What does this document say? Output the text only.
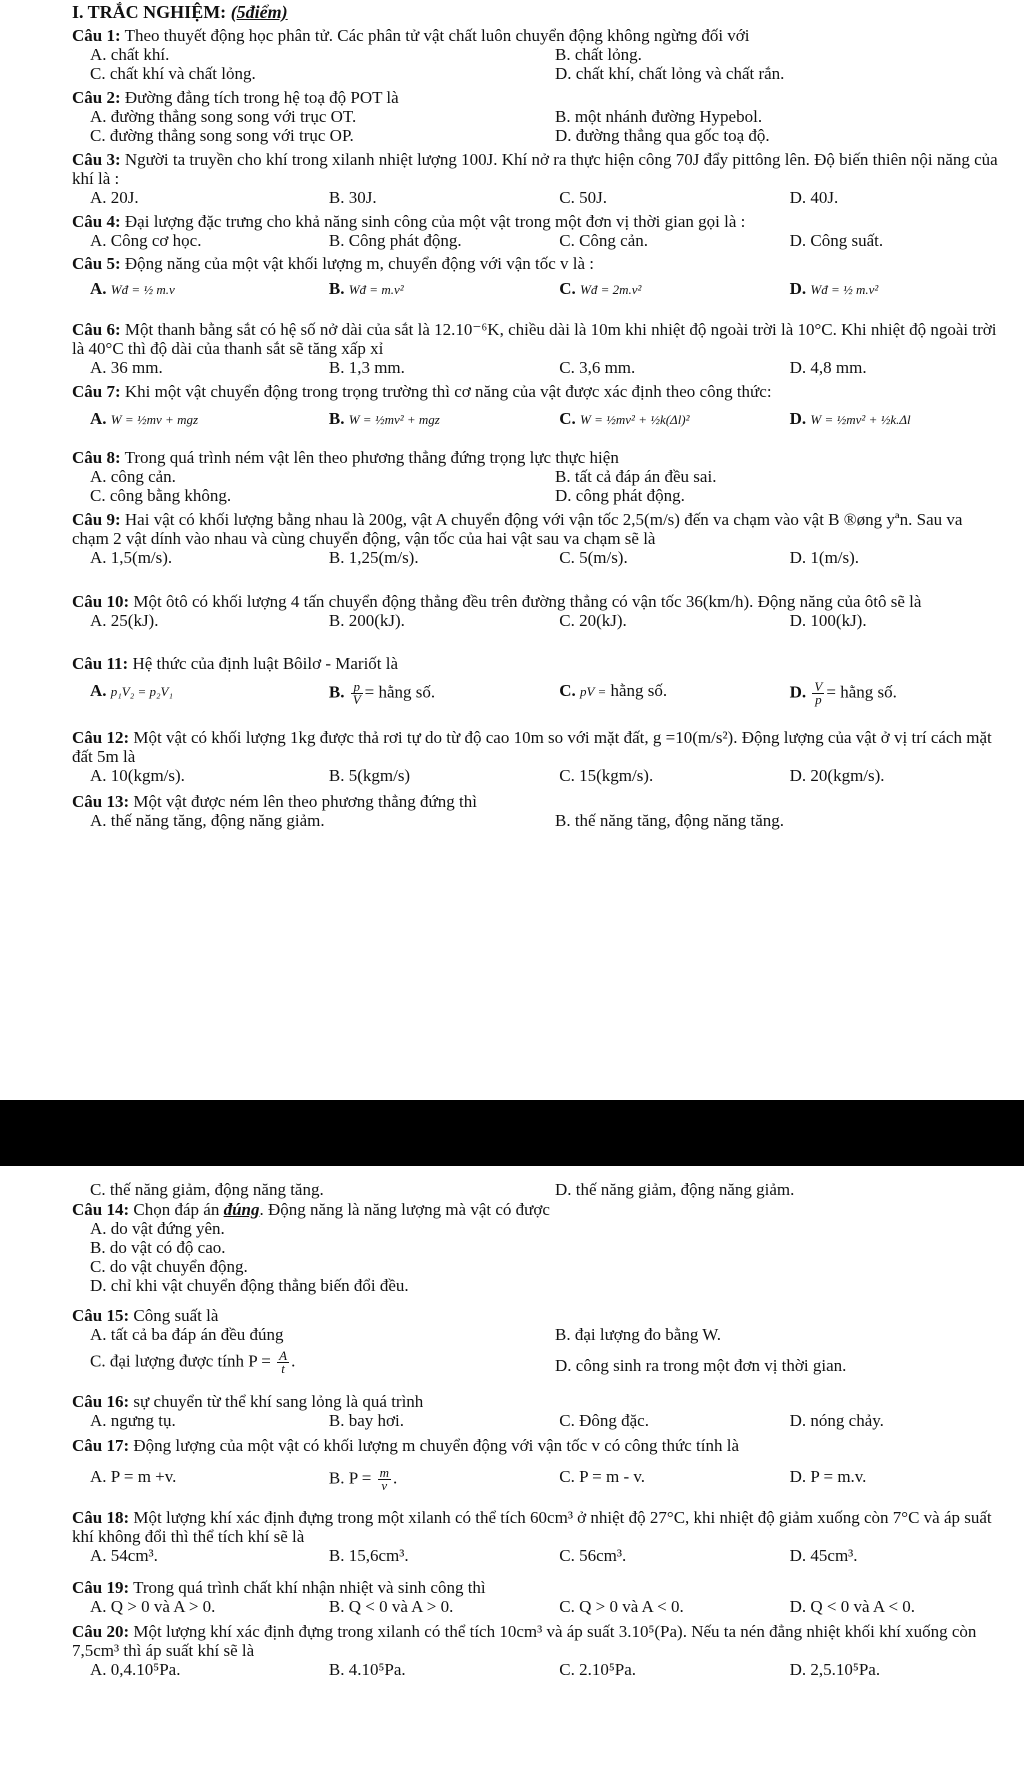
I. TRẮC NGHIỆM: (5điểm)

Câu 1: Theo thuyết động học phân tử. Các phân tử vật chất luôn chuyển động không ngừng đối với

A. chất khí.	B. chất lỏng.
C. chất khí và chất lỏng.	D. chất khí, chất lỏng và chất rắn.

Câu 2: Đường đẳng tích trong hệ toạ độ POT là

A. đường thẳng song song với trục OT.	B. một nhánh đường Hypebol.
C. đường thẳng song song với trục OP.	D. đường thẳng qua gốc toạ độ.

Câu 3: Người ta truyền cho khí trong xilanh nhiệt lượng 100J. Khí nở ra thực hiện công 70J đẩy pittông lên. Độ biến thiên nội năng của khí là :

A. 20J.	B. 30J.	C. 50J.	D. 40J.

Câu 4: Đại lượng đặc trưng cho khả năng sinh công của một vật trong một đơn vị thời gian gọi là :

A. Công cơ học.	B. Công phát động.	C. Công cản.	D. Công suất.

Câu 5: Động năng của một vật khối lượng m, chuyển động với vận tốc v là :

A. Wđ = ½ m.v	B. Wđ = m.v²	C. Wđ = 2m.v²	D. Wđ = ½ m.v²

Câu 6: Một thanh bằng sắt có hệ số nở dài của sắt là 12.10⁻⁶K, chiều dài là 10m khi nhiệt độ ngoài trời là 10°C. Khi nhiệt độ ngoài trời là 40°C thì độ dài của thanh sắt sẽ tăng xấp xỉ

A. 36 mm.	B. 1,3 mm.	C. 3,6 mm.	D. 4,8 mm.

Câu 7: Khi một vật chuyển động trong trọng trường thì cơ năng của vật được xác định theo công thức:

A. W = ½mv + mgz	B. W = ½mv² + mgz	C. W = ½mv² + ½k(Δl)²	D. W = ½mv² + ½k.Δl

Câu 8: Trong quá trình ném vật lên theo phương thẳng đứng trọng lực thực hiện

A. công cản.	B. tất cả đáp án đều sai.
C. công bằng không.	D. công phát động.

Câu 9: Hai vật có khối lượng bằng nhau là 200g, vật A chuyển động với vận tốc 2,5(m/s) đến va chạm vào vật B ®øng yªn. Sau va chạm 2 vật dính vào nhau và cùng chuyển động, vận tốc của hai vật sau va chạm sẽ là

A. 1,5(m/s).	B. 1,25(m/s).	C. 5(m/s).	D. 1(m/s).

Câu 10: Một ôtô có khối lượng 4 tấn chuyển động thẳng đều trên đường thẳng có vận tốc 36(km/h). Động năng của ôtô sẽ là

A. 25(kJ).	B. 200(kJ).	C. 20(kJ).	D. 100(kJ).

Câu 11: Hệ thức của định luật Bôilơ - Mariốt là

A. p₁V₂ = p₂V₁	B. $\frac{p}{V}$ = hằng số.	C. pV = hằng số.	D. $\frac{V}{p}$ = hằng số.

Câu 12: Một vật có khối lượng 1kg được thả rơi tự do từ độ cao 10m so với mặt đất, g =10(m/s²). Động lượng của vật ở vị trí cách mặt đất 5m là

A. 10(kgm/s).	B. 5(kgm/s)	C. 15(kgm/s).	D. 20(kgm/s).

Câu 13: Một vật được ném lên theo phương thẳng đứng thì

A. thế năng tăng, động năng giảm.	B. thế năng tăng, động năng tăng.
C. thế năng giảm, động năng tăng.	D. thế năng giảm, động năng giảm.

Câu 14: Chọn đáp án đúng. Động năng là năng lượng mà vật có được

A. do vật đứng yên.
B. do vật có độ cao.
C. do vật chuyển động.
D. chỉ khi vật chuyển động thẳng biến đổi đều.

Câu 15: Công suất là

A. tất cả ba đáp án đều đúng	B. đại lượng đo bằng W.
C. đại lượng được tính $P = \frac{A}{t}$ .	D. công sinh ra trong một đơn vị thời gian.

Câu 16: sự chuyển từ thể khí sang lỏng là quá trình

A. ngưng tụ.	B. bay hơi.	C. Đông đặc.	D. nóng chảy.

Câu 17: Động lượng của một vật có khối lượng m chuyển động với vận tốc v có công thức tính là

A. P = m +v.	B. $P = \frac{m}{v}$ .	C. P = m - v.	D. P = m.v.

Câu 18: Một lượng khí xác định đựng trong một xilanh có thể tích 60cm³ ở nhiệt độ 27°C, khi nhiệt độ giảm xuống còn 7°C và áp suất khí không đổi thì thể tích khí sẽ là

A. 54cm³.	B. 15,6cm³.	C. 56cm³.	D. 45cm³.

Câu 19: Trong quá trình chất khí nhận nhiệt và sinh công thì

A. Q > 0 và A > 0.	B. Q < 0 và A > 0.	C. Q > 0 và A < 0.	D. Q < 0 và A < 0.

Câu 20: Một lượng khí xác định đựng trong xilanh có thể tích 10cm³ và áp suất 3.10⁵(Pa). Nếu ta nén đẳng nhiệt khối khí xuống còn 7,5cm³ thì áp suất khí sẽ là

A. 0,4.10⁵Pa.	B. 4.10⁵Pa.	C. 2.10⁵Pa.	D. 2,5.10⁵Pa.
